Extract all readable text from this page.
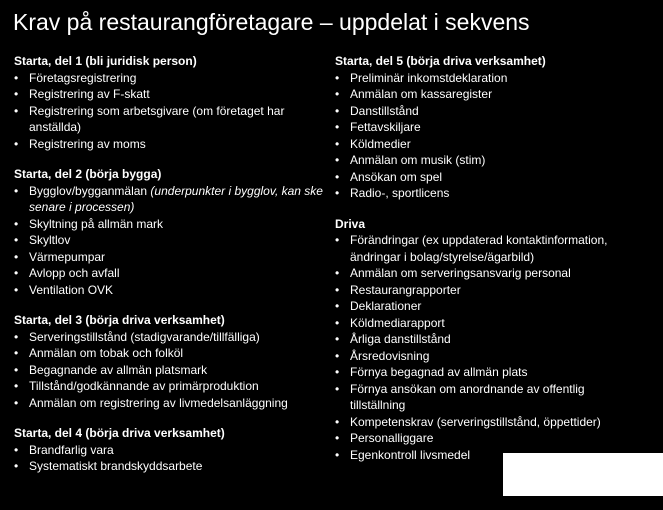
Krav på restaurangföretagare – uppdelat i sekvens
Starta, del 1 (bli juridisk person)
• Företagsregistrering
• Registrering av F-skatt
• Registrering som arbetsgivare (om företaget har anställda)
• Registrering av moms
Starta, del 2 (börja bygga)
• Bygglov/bygganmälan (underpunkter i bygglov, kan ske senare i processen)
• Skyltning på allmän mark
• Skyltlov
• Värmepumpar
• Avlopp och avfall
• Ventilation OVK
Starta, del 3 (börja driva verksamhet)
• Serveringstillstånd (stadigvarande/tillfälliga)
• Anmälan om tobak och folköl
• Begagnande av allmän platsmark
• Tillstånd/godkännande av primärproduktion
• Anmälan om registrering av livmedelsanläggning
Starta, del 4 (börja driva verksamhet)
• Brandfarlig vara
• Systematiskt brandskyddsarbete
Starta, del 5 (börja driva verksamhet)
• Preliminär inkomstdeklaration
• Anmälan om kassaregister
• Danstillstånd
• Fettavskiljare
• Köldmedier
• Anmälan om musik (stim)
• Ansökan om spel
• Radio-, sportlicens
Driva
• Förändringar (ex uppdaterad kontaktinformation, ändringar i bolag/styrelse/ägarbild)
• Anmälan om serveringsansvarig personal
• Restaurangrapporter
• Deklarationer
• Köldmediarapport
• Årliga danstillstånd
• Årsredovisning
• Förnya begagnad av allmän plats
• Förnya ansökan om anordnande av offentlig tillställning
• Kompetenskrav (serveringstillstånd, öppettider)
• Personalliggare
• Egenkontroll livsmedel
